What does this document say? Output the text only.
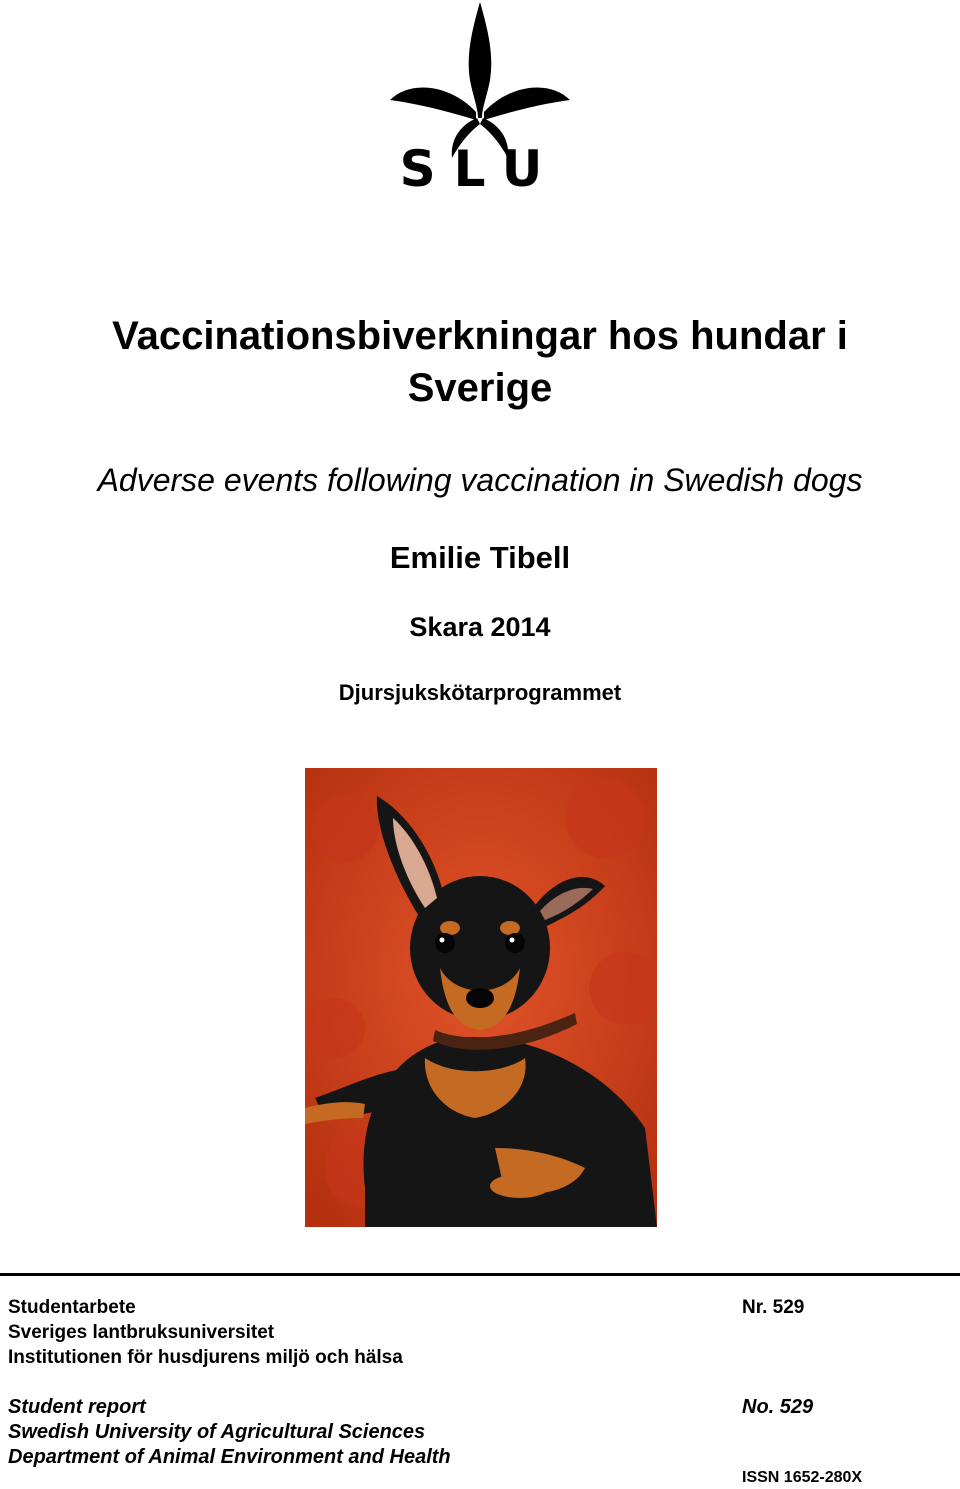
SLU
Vaccinationsbiverkningar hos hundar i Sverige
Adverse events following vaccination in Swedish dogs
Emilie Tibell
Skara 2014
Djursjukskötarprogrammet
Studentarbete	Nr. 529
Sveriges lantbruksuniversitet
Institutionen för husdjurens miljö och hälsa
Student report	No. 529
Swedish University of Agricultural Sciences
Department of Animal Environment and Health
ISSN 1652-280X
